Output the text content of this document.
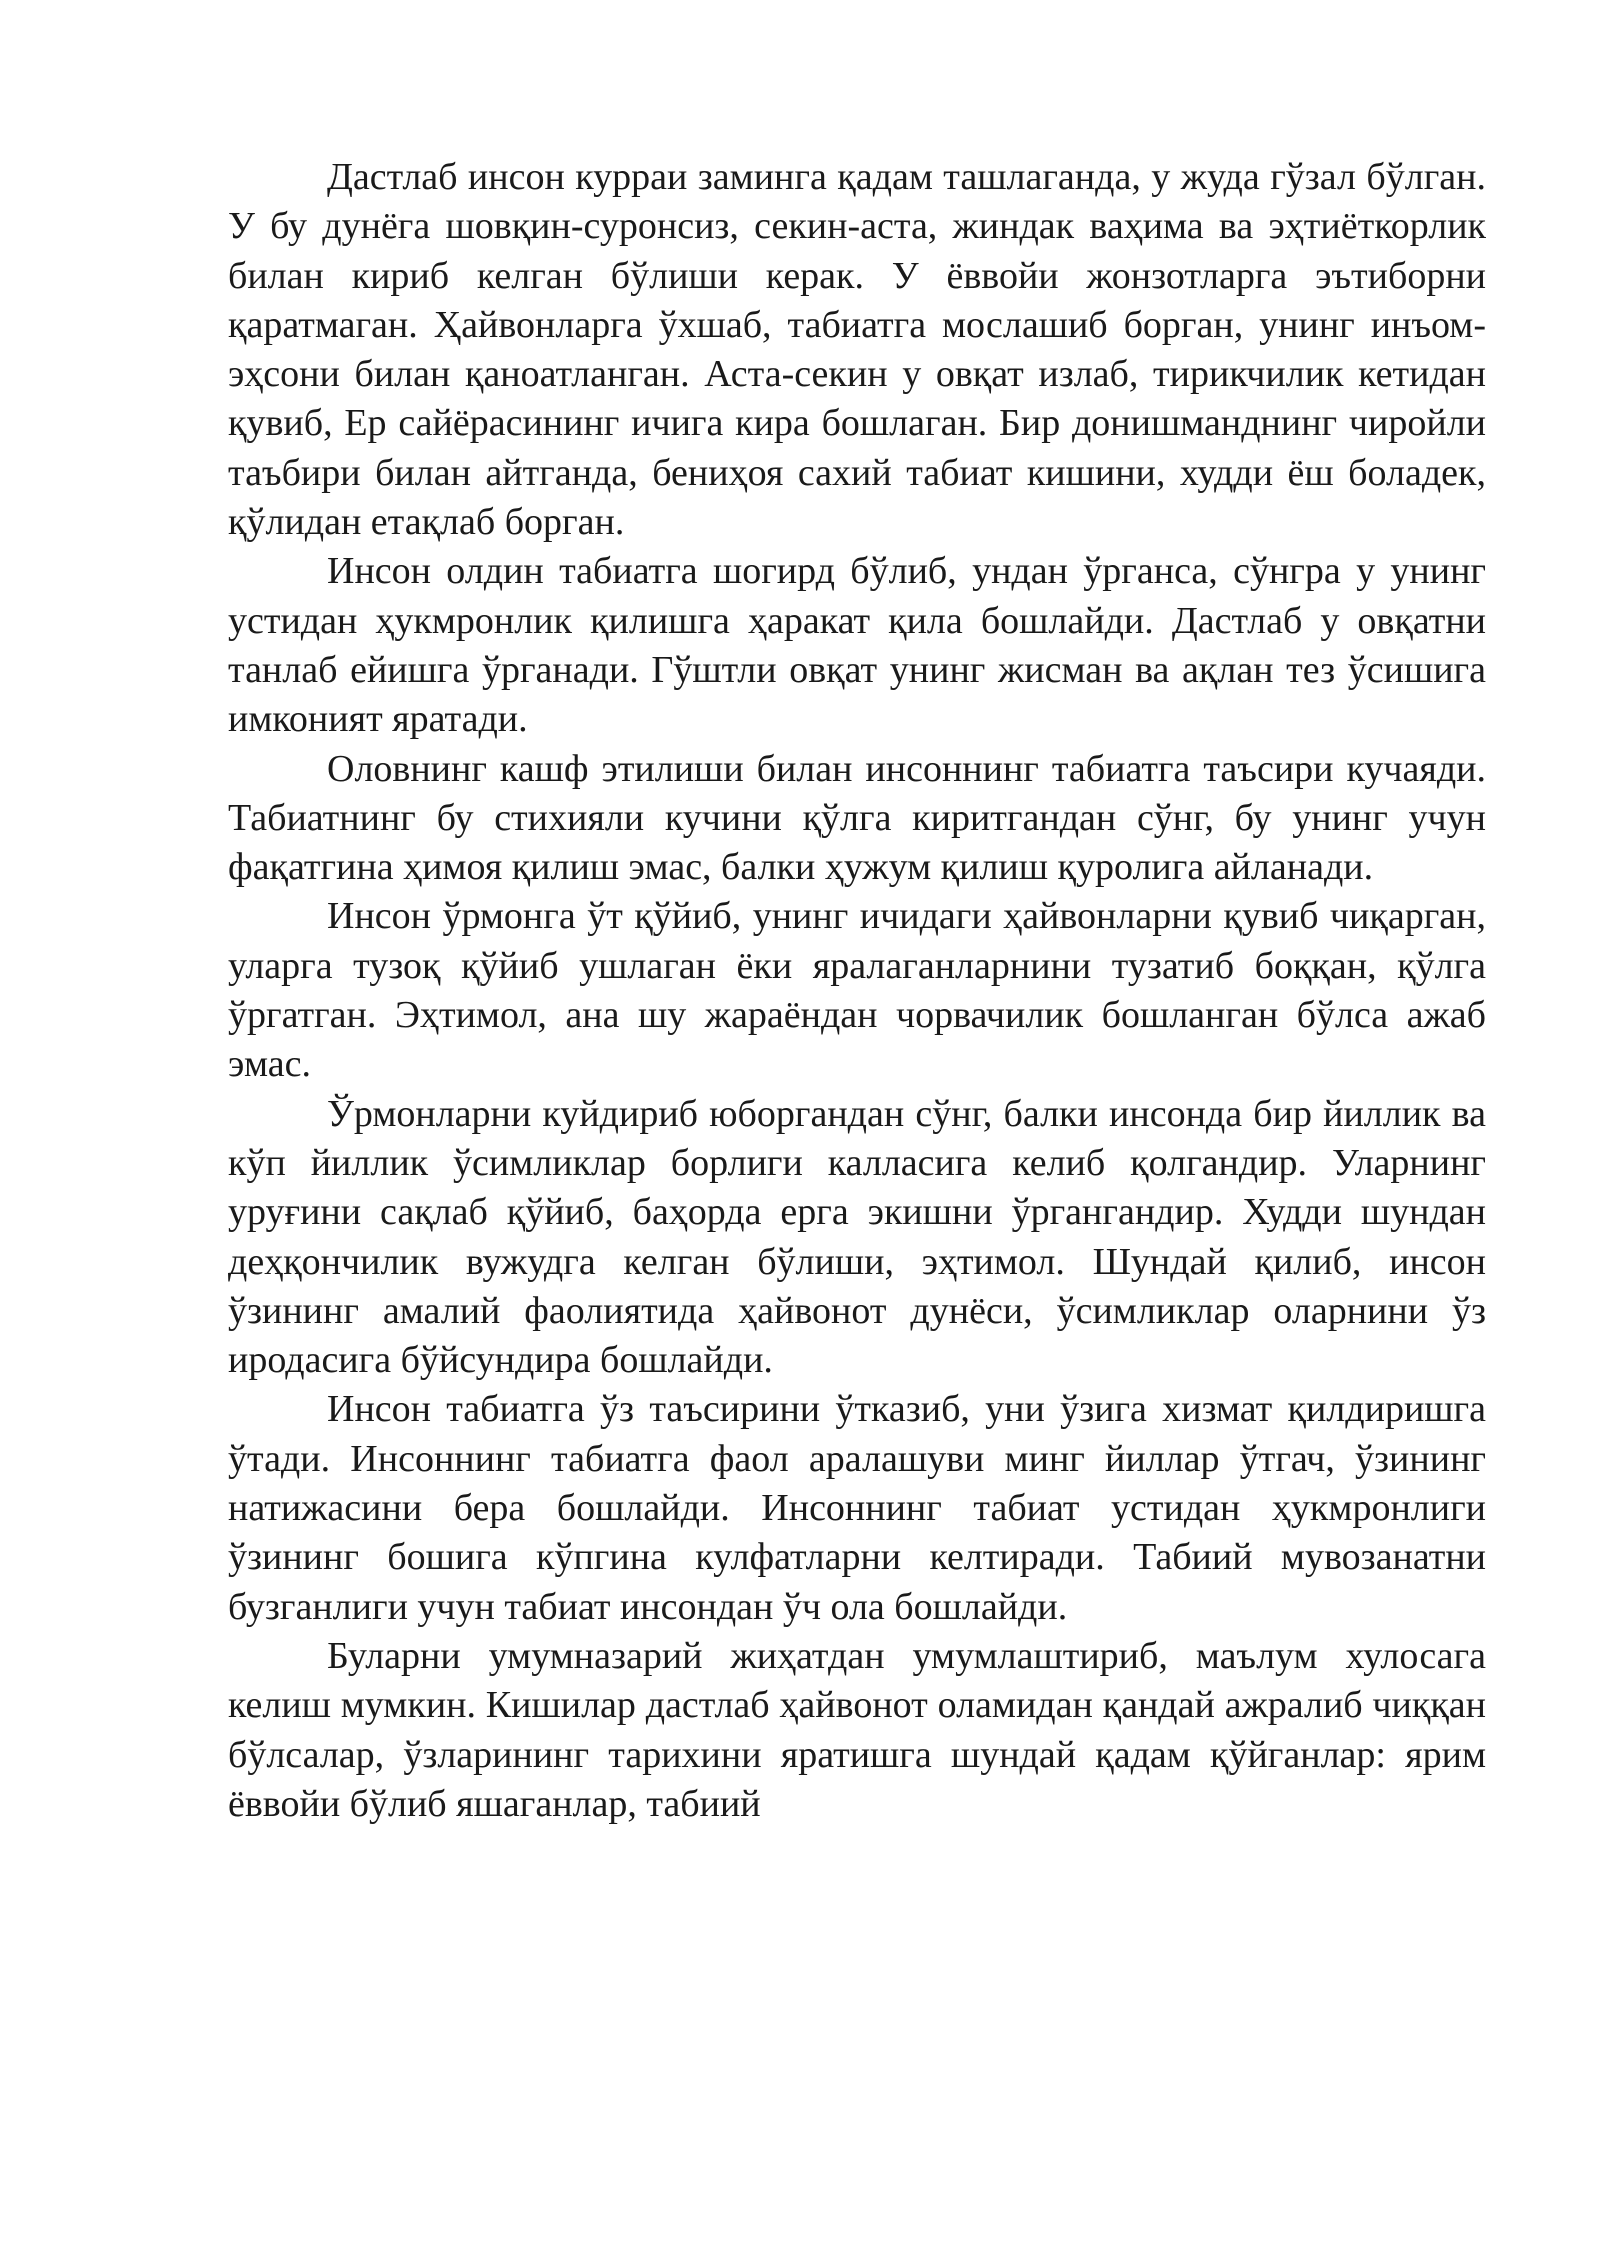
Дастлаб инсон курраи заминга қадам ташлаганда, у жуда гўзал бўлган. У бу дунёга шовқин-суронсиз, секин-аста, жиндак ваҳима ва эҳтиёткорлик билан кириб келган бўлиши керак. У ёввойи жонзотларга эътиборни қаратмаган. Ҳайвонларга ўхшаб, табиатга мослашиб борган, унинг инъом-эҳсони билан қаноатланган. Аста-секин у овқат излаб, тирикчилик кетидан қувиб, Ер сайёрасининг ичига кира бошлаган. Бир донишманднинг чиройли таъбири билан айтганда, бениҳоя сахий табиат кишини, худди ёш боладек, қўлидан етақлаб борган.

Инсон олдин табиатга шогирд бўлиб, ундан ўрганса, сўнгра у унинг устидан ҳукмронлик қилишга ҳаракат қила бошлайди. Дастлаб у овқатни танлаб ейишга ўрганади. Гўштли овқат унинг жисман ва ақлан тез ўсишига имконият яратади.

Оловнинг кашф этилиши билан инсоннинг табиатга таъсири кучаяди. Табиатнинг бу стихияли кучини қўлга киритгандан сўнг, бу унинг учун фақатгина ҳимоя қилиш эмас, балки ҳужум қилиш қуролига айланади.

Инсон ўрмонга ўт қўйиб, унинг ичидаги ҳайвонларни қувиб чиқарган, уларга тузоқ қўйиб ушлаган ёки яралаганларнини тузатиб боққан, қўлга ўргатган. Эҳтимол, ана шу жараёндан чорвачилик бошланган бўлса ажаб эмас.

Ўрмонларни куйдириб юборгандан сўнг, балки инсонда бир йиллик ва кўп йиллик ўсимликлар борлиги калласига келиб қолгандир. Уларнинг уруғини сақлаб қўйиб, баҳорда ерга экишни ўргангандир. Худди шундан деҳқончилик вужудга келган бўлиши, эҳтимол. Шундай қилиб, инсон ўзининг амалий фаолиятида ҳайвонот дунёси, ўсимликлар оларнини ўз иродасига бўйсундира бошлайди.

Инсон табиатга ўз таъсирини ўтказиб, уни ўзига хизмат қилдиришга ўтади. Инсоннинг табиатга фаол аралашуви минг йиллар ўтгач, ўзининг натижасини бера бошлайди. Инсоннинг табиат устидан ҳукмронлиги ўзининг бошига кўпгина кулфатларни келтиради. Табиий мувозанатни бузганлиги учун табиат инсондан ўч ола бошлайди.

Буларни умумназарий жиҳатдан умумлаштириб, маълум хулосага келиш мумкин. Кишилар дастлаб ҳайвонот оламидан қандай ажралиб чиққан бўлсалар, ўзларининг тарихини яратишга шундай қадам қўйганлар: ярим ёввойи бўлиб яшаганлар, табиий
